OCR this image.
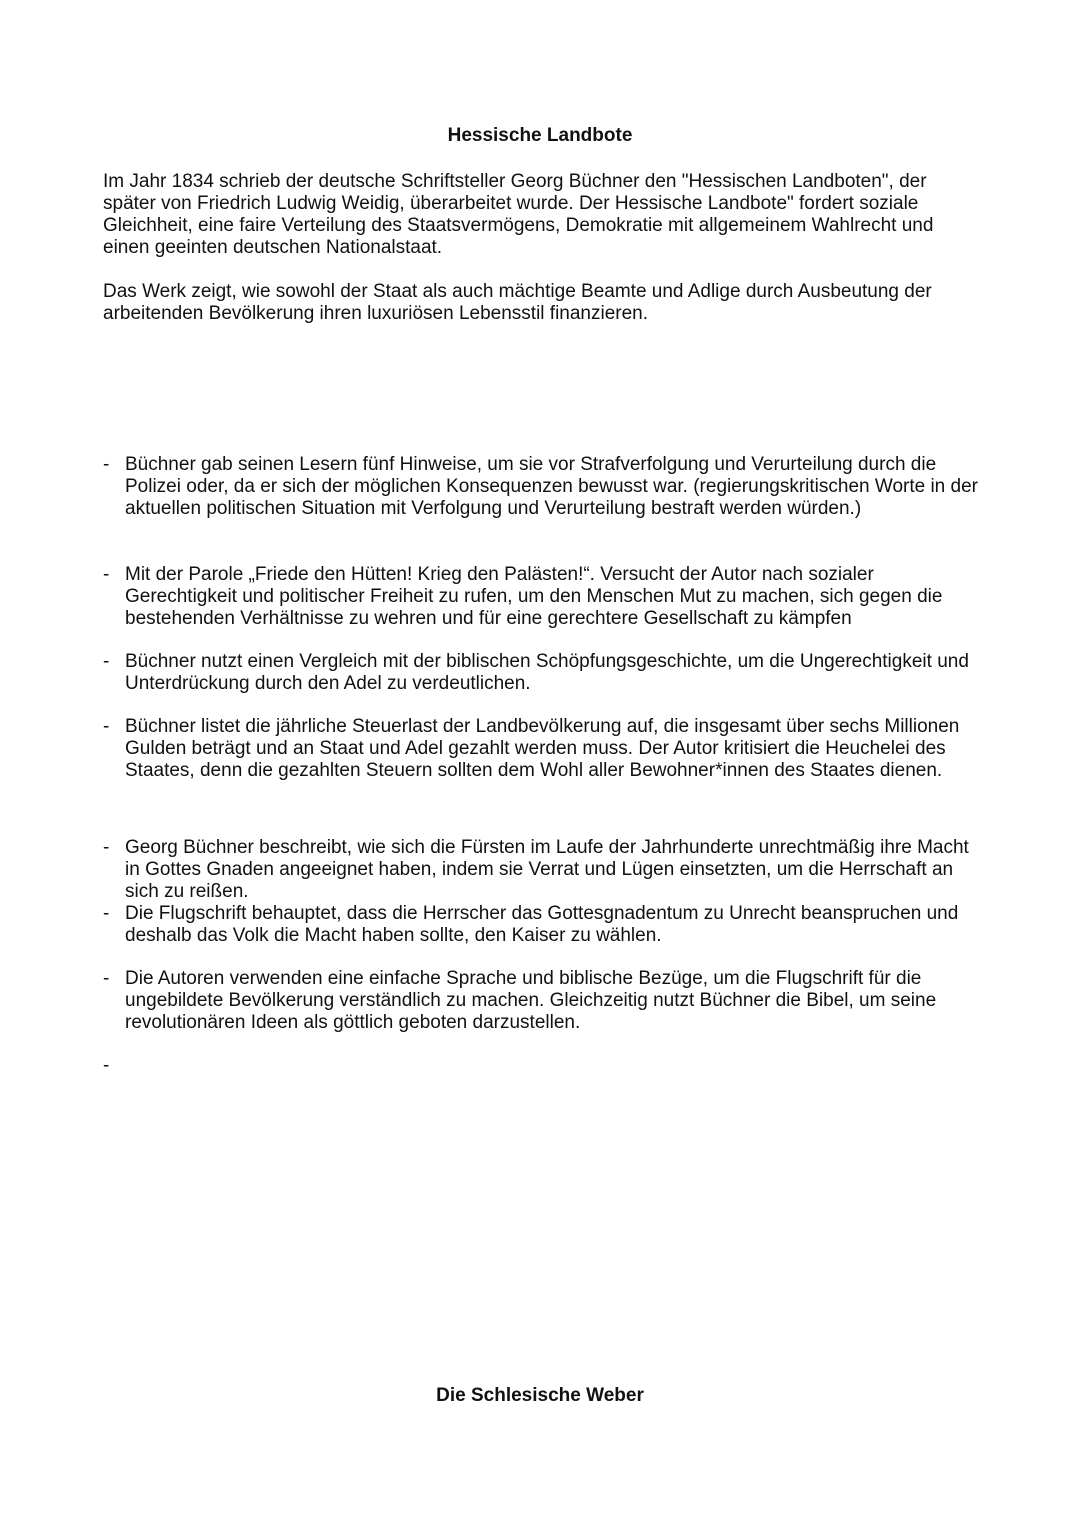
Hessische Landbote

Im Jahr 1834 schrieb der deutsche Schriftsteller Georg Büchner den "Hessischen Landboten", der später von Friedrich Ludwig Weidig, überarbeitet wurde. Der Hessische Landbote" fordert soziale Gleichheit, eine faire Verteilung des Staatsvermögens, Demokratie mit allgemeinem Wahlrecht und einen geeinten deutschen Nationalstaat.

Das Werk zeigt, wie sowohl der Staat als auch mächtige Beamte und Adlige durch Ausbeutung der arbeitenden Bevölkerung ihren luxuriösen Lebensstil finanzieren.

- Büchner gab seinen Lesern fünf Hinweise, um sie vor Strafverfolgung und Verurteilung durch die Polizei oder, da er sich der möglichen Konsequenzen bewusst war. (regierungskritischen Worte in der aktuellen politischen Situation mit Verfolgung und Verurteilung bestraft werden würden.)
- Mit der Parole „Friede den Hütten! Krieg den Palästen!“. Versucht der Autor nach sozialer Gerechtigkeit und politischer Freiheit zu rufen, um den Menschen Mut zu machen, sich gegen die bestehenden Verhältnisse zu wehren und für eine gerechtere Gesellschaft zu kämpfen
- Büchner nutzt einen Vergleich mit der biblischen Schöpfungsgeschichte, um die Ungerechtigkeit und Unterdrückung durch den Adel zu verdeutlichen.
- Büchner listet die jährliche Steuerlast der Landbevölkerung auf, die insgesamt über sechs Millionen Gulden beträgt und an Staat und Adel gezahlt werden muss. Der Autor kritisiert die Heuchelei des Staates, denn die gezahlten Steuern sollten dem Wohl aller Bewohner*innen des Staates dienen.
- Georg Büchner beschreibt, wie sich die Fürsten im Laufe der Jahrhunderte unrechtmäßig ihre Macht in Gottes Gnaden angeeignet haben, indem sie Verrat und Lügen einsetzten, um die Herrschaft an sich zu reißen.
- Die Flugschrift behauptet, dass die Herrscher das Gottesgnadentum zu Unrecht beanspruchen und deshalb das Volk die Macht haben sollte, den Kaiser zu wählen.
- Die Autoren verwenden eine einfache Sprache und biblische Bezüge, um die Flugschrift für die ungebildete Bevölkerung verständlich zu machen. Gleichzeitig nutzt Büchner die Bibel, um seine revolutionären Ideen als göttlich geboten darzustellen.
-
Die Schlesische Weber
